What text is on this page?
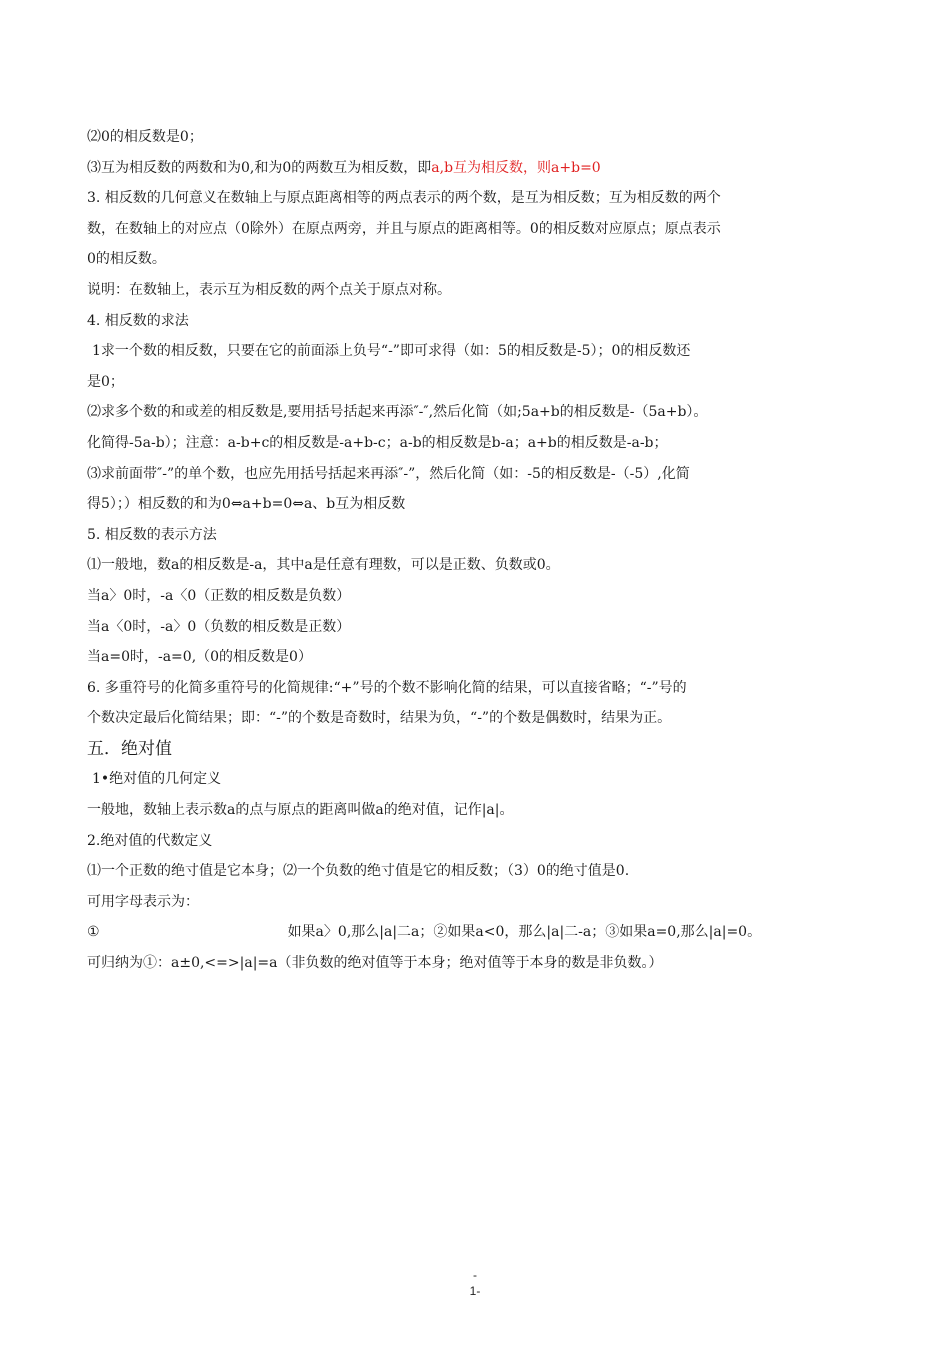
⑵0的相反数是0；
⑶互为相反数的两数和为0,和为0的两数互为相反数，即a,b互为相反数，则a+b=0
3. 相反数的几何意义在数轴上与原点距离相等的两点表示的两个数，是互为相反数；互为相反数的两个
数，在数轴上的对应点（0除外）在原点两旁，并且与原点的距离相等。0的相反数对应原点；原点表示
0的相反数。
说明：在数轴上，表示互为相反数的两个点关于原点对称。
4. 相反数的求法
1求一个数的相反数，只要在它的前面添上负号“-”即可求得（如：5的相反数是-5）；0的相反数还
是0；
⑵求多个数的和或差的相反数是,要用括号括起来再添″-″,然后化简（如;5a+b的相反数是-（5a+b）。
化简得-5a-b）；注意：a-b+c的相反数是-a+b-c；a-b的相反数是b-a；a+b的相反数是-a-b；
⑶求前面带″-”的单个数，也应先用括号括起来再添″-”，然后化简（如：-5的相反数是-（-5）,化简
得5）；）相反数的和为0⇔a+b=0⇔a、b互为相反数
5. 相反数的表示方法
⑴一般地，数a的相反数是-a，其中a是任意有理数，可以是正数、负数或0。
当a〉0时，-a〈0（正数的相反数是负数）
当a〈0时，-a〉0（负数的相反数是正数）
当a=0时，-a=0,（0的相反数是0）
6. 多重符号的化简多重符号的化简规律:“+”号的个数不影响化简的结果，可以直接省略；“-”号的
个数决定最后化简结果；即：“-”的个数是奇数时，结果为负，“-”的个数是偶数时，结果为正。
五．绝对值
1•绝对值的几何定义
一般地，数轴上表示数a的点与原点的距离叫做a的绝对值，记作|a|。
2.绝对值的代数定义
⑴一个正数的绝寸值是它本身；⑵一个负数的绝寸值是它的相反数；（3）0的绝寸值是0.
可用字母表示为：
①	如果a〉0,那么|a|二a；②如果a<0，那么|a|二-a；③如果a=0,那么|a|=0。
可归纳为①：a±0,<=>|a|=a（非负数的绝对值等于本身；绝对值等于本身的数是非负数。）
-
1-
